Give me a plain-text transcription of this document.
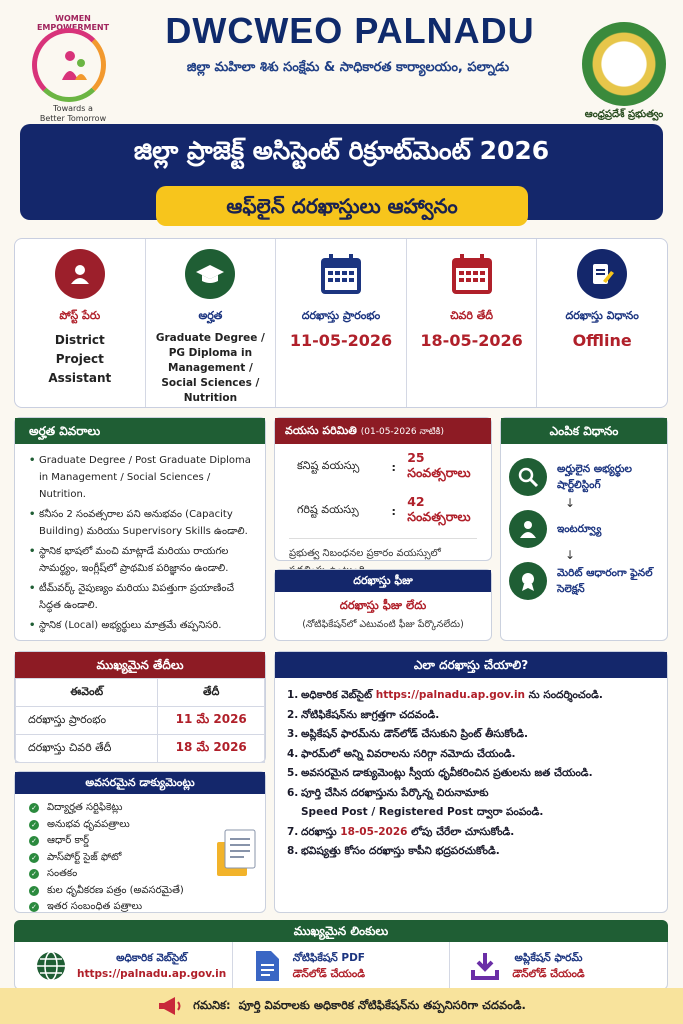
WOMEN EMPOWERMENT
Towards a
Better Tomorrow
DWCWEO PALNADU
జిల్లా మహిలా శిశు సంక్షేమ & సాధికారత కార్యాలయం, పల్నాడు
ఆంధ్రప్రదేశ్ ప్రభుత్వం
జిల్లా ప్రాజెక్ట్ అసిస్టెంట్ రిక్రూట్‌మెంట్ 2026
ఆఫ్‌లైన్ దరఖాస్తులు ఆహ్వానం
పోస్ట్ పేరు
District Project Assistant
అర్హత
Graduate Degree / PG Diploma in Management / Social Sciences / Nutrition
దరఖాస్తు ప్రారంభం
11-05-2026
చివరి తేదీ
18-05-2026
దరఖాస్తు విధానం
Offline
అర్హత వివరాలు
• Graduate Degree / Post Graduate Diploma in Management / Social Sciences / Nutrition.
• కనీసం 2 సంవత్సరాల పని అనుభవం (Capacity Building) మరియు Supervisory Skills ఉండాలి.
• స్థానిక భాషలో మంచి మాట్లాడే మరియు రాయగల సామర్థ్యం, ఇంగ్లీష్‌లో ప్రాథమిక పరిజ్ఞానం ఉండాలి.
• టీమ్‌వర్క్ నైపుణ్యం మరియు విపత్తుగా ప్రయాణించే సిద్ధత ఉండాలి.
• స్థానిక (Local) అభ్యర్థులు మాత్రమే తప్పనిసరి.
వయసు పరిమితి (01-05-2026 నాటికి)
కనిష్ట వయస్సు	:
25 సంవత్సరాలు
గరిష్ట వయస్సు	:
42 సంవత్సరాలు
ప్రభుత్వ నిబంధనల ప్రకారం వయస్సులో
దరఖాస్తు ఫీజు
దరఖాస్తు ఫీజు లేదు
(నోటిఫికేషన్‌లో ఎటువంటి ఫీజు పేర్కొనలేదు)
ఎంపిక విధానం
అర్హులైన అభ్యర్థుల షార్ట్‌లిస్టింగ్
↓
ఇంటర్వ్యూ
↓
మెరిట్ ఆధారంగా ఫైనల్ సెలెక్షన్
ముఖ్యమైన తేదీలు
ఈవెంట్	తేదీ
దరఖాస్తు ప్రారంభం	11 మే 2026
దరఖాస్తు చివరి తేదీ	18 మే 2026
అవసరమైన డాక్యుమెంట్లు
✓ విద్యార్హత సర్టిఫికెట్లు
✓ అనుభవ ధృవపత్రాలు
✓ ఆధార్ కార్డ్
✓ పాస్‌పోర్ట్ సైజ్ ఫోటో
✓ సంతకం
✓ కుల ధృవీకరణ పత్రం (అవసరమైతే)
✓ ఇతర సంబంధిత పత్రాలు
ఎలా దరఖాస్తు చేయాలి?
1. అధికారిక వెబ్‌సైట్ https://palnadu.ap.gov.in ను సందర్శించండి.
2. నోటిఫికేషన్‌ను జాగ్రత్తగా చదవండి.
3. అప్లికేషన్ ఫారమ్‌ను డౌన్‌లోడ్ చేసుకుని ప్రింట్ తీసుకోండి.
4. ఫారమ్‌లో అన్ని వివరాలను సరిగ్గా నమోదు చేయండి.
5. అవసరమైన డాక్యుమెంట్లు స్వీయ ధృవీకరించిన ప్రతులను జత చేయండి.
6. పూర్తి చేసిన దరఖాస్తును పేర్కొన్న చిరునామాకు
Speed Post / Registered Post ద్వారా పంపండి.
7. దరఖాస్తు 18-05-2026 లోపు చేరేలా చూసుకోండి.
8. భవిష్యత్తు కోసం దరఖాస్తు కాపీని భద్రపరచుకోండి.
ముఖ్యమైన లింకులు
అధికారిక వెబ్‌సైట్
https://palnadu.ap.gov.in
నోటిఫికేషన్ PDF
డౌన్‌లోడ్ చేయండి
అప్లికేషన్ ఫారమ్
డౌన్‌లోడ్ చేయండి
గమనిక:
పూర్తి వివరాలకు అధికారిక నోటిఫికేషన్‌ను తప్పనిసరిగా చదవండి.
